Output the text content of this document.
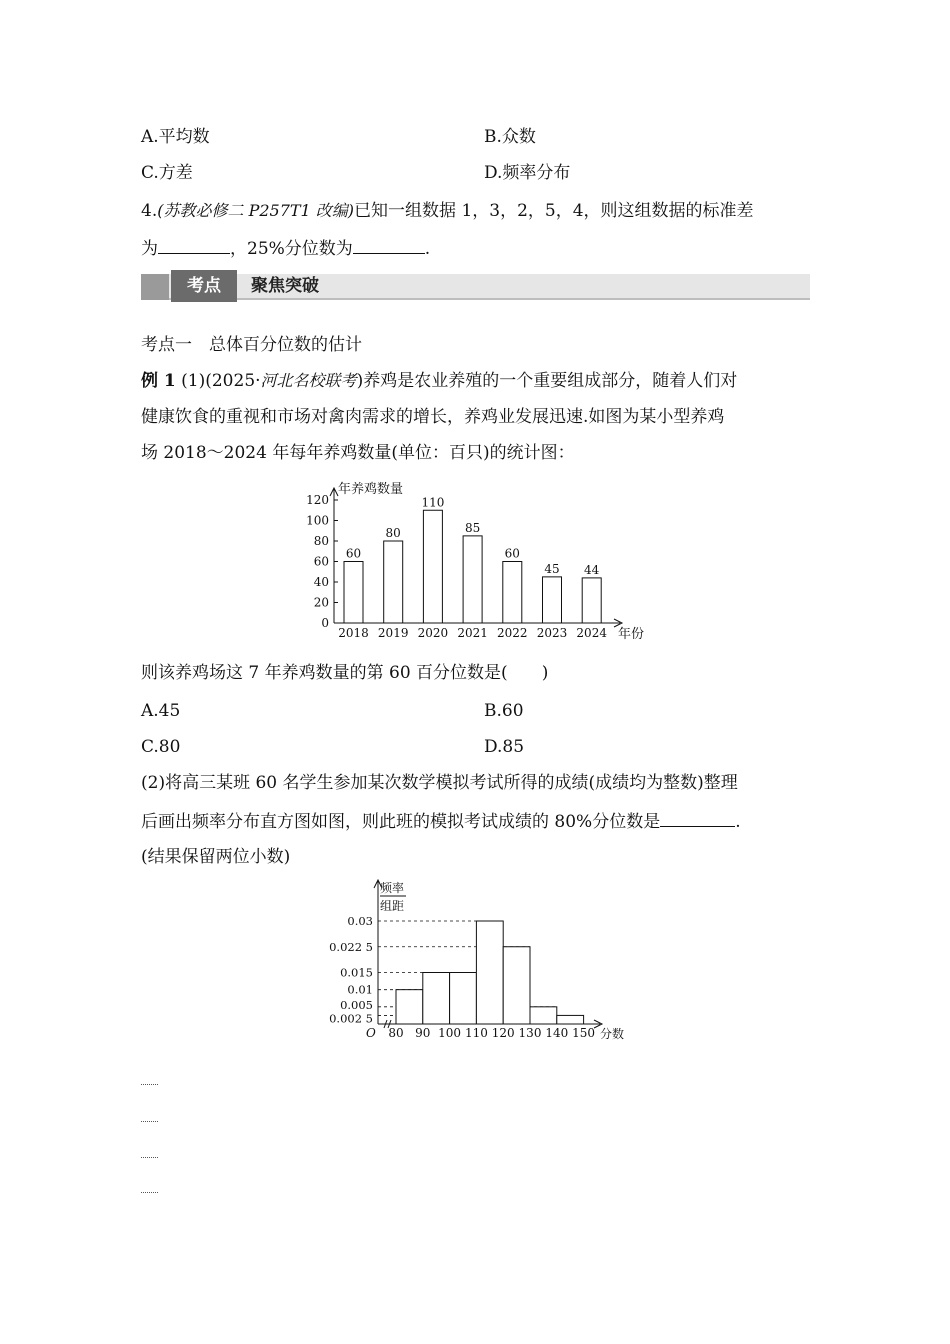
A.平均数	B.众数
C.方差	D.频率分布
4.(苏教必修二 P257T1 改编)已知一组数据 1，3，2，5，4，则这组数据的标准差
为	，25%分位数为	.
考点	聚焦突破
考点一　总体百分位数的估计
例 1 (1)(2025·河北名校联考)养鸡是农业养殖的一个重要组成部分，随着人们对
健康饮食的重视和市场对禽肉需求的增长，养鸡业发展迅速.如图为某小型养鸡
场 2018～2024 年每年养鸡数量(单位：百只)的统计图：
0
20
40
60
80
100
120
年养鸡数量
年份
60
2018
80
2019
110
2020
85
2021
60
2022
45
2023
44
2024
则该养鸡场这 7 年养鸡数量的第 60 百分位数是(　　)
A.45	B.60
C.80	D.85
(2)将高三某班 60 名学生参加某次数学模拟考试所得的成绩(成绩均为整数)整理
后画出频率分布直方图如图，则此班的模拟考试成绩的 80%分位数是	.
(结果保留两位小数)
频率
组距
0.03
0.022 5
0.015
0.01
0.005
0.002 5
O 80 90 100 110 120 130 140 150 分数
